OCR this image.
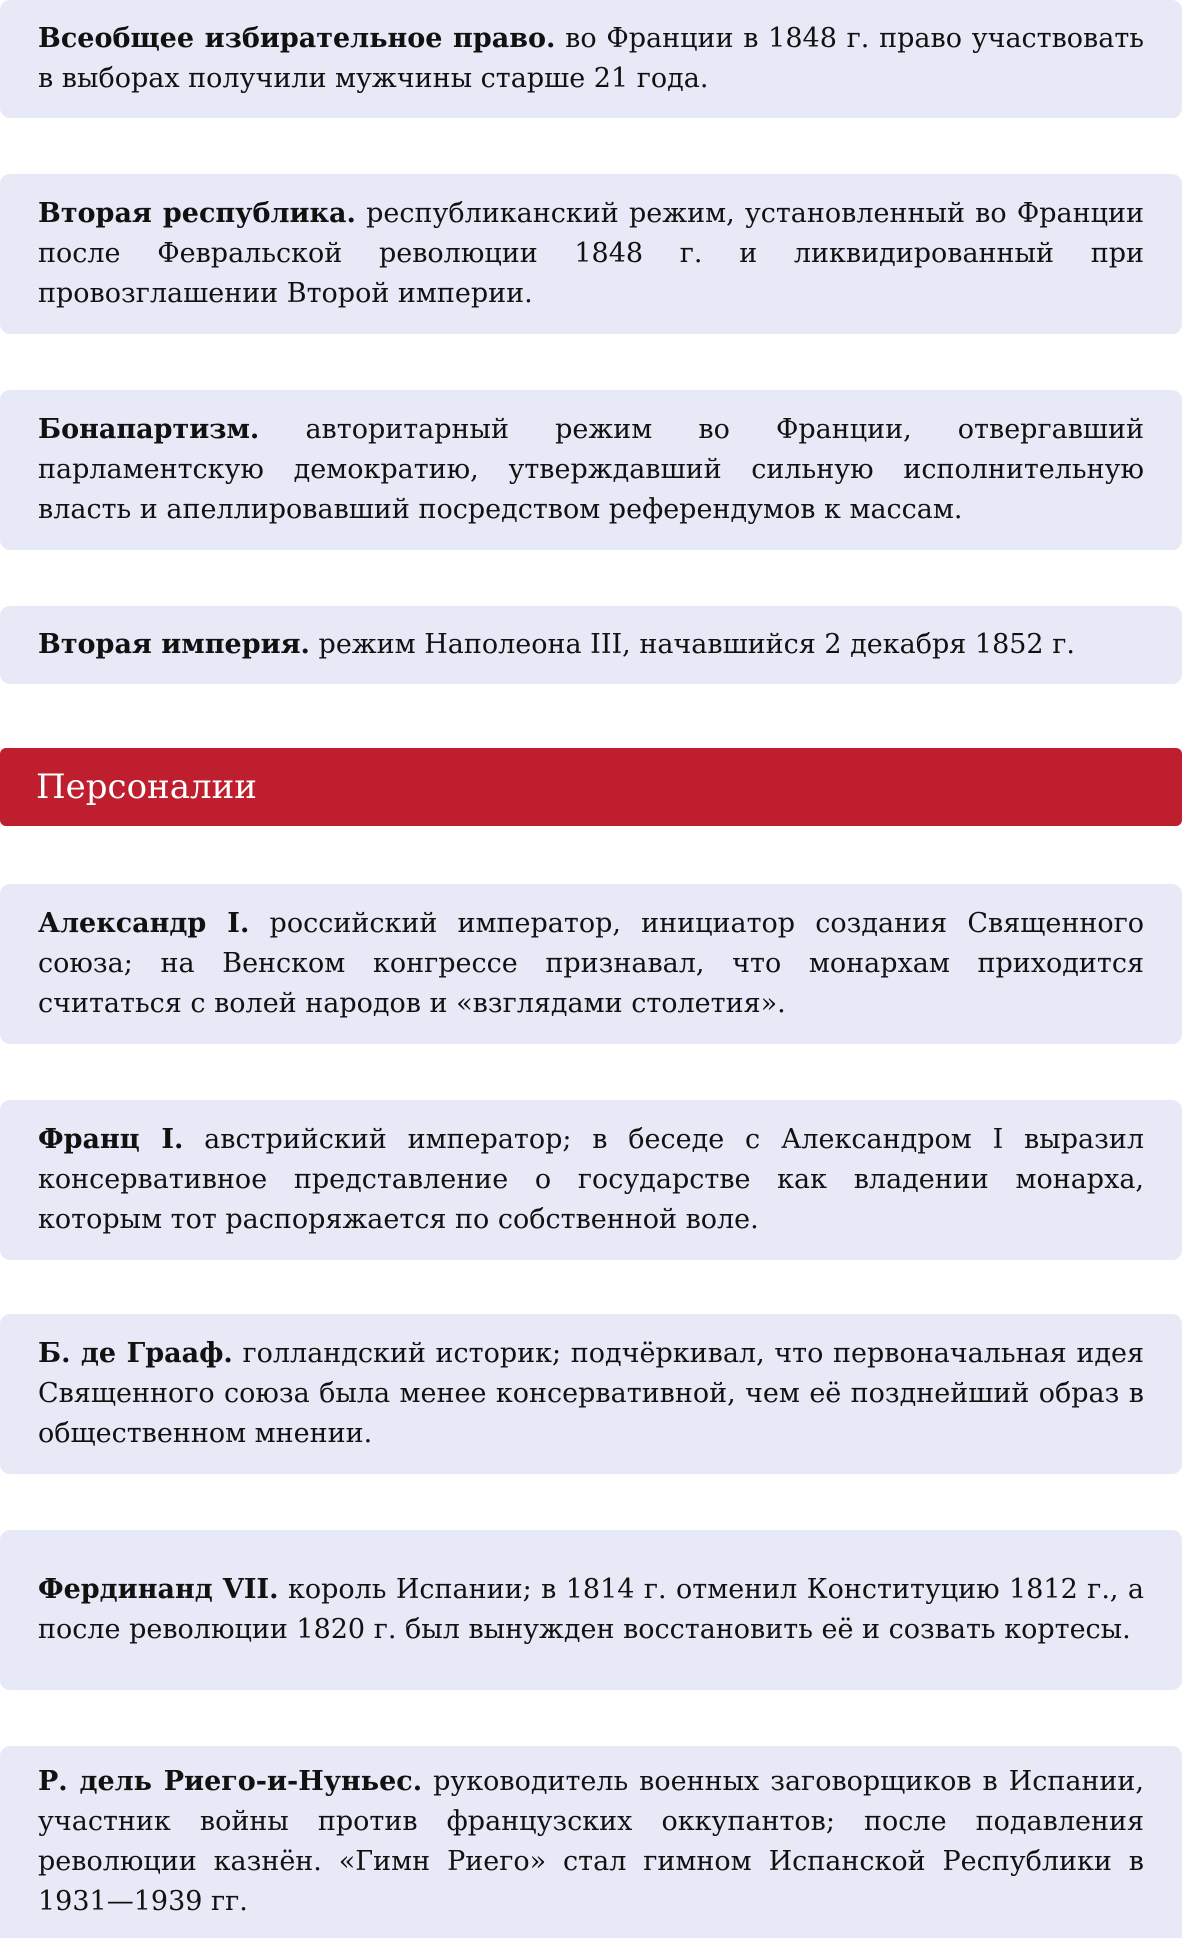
Всеобщее избирательное право. во Франции в 1848 г. право участвовать в выборах получили мужчины старше 21 года.

Вторая республика. республиканский режим, установленный во Франции после Февральской революции 1848 г. и ликвидированный при провозглашении Второй империи.

Бонапартизм. авторитарный режим во Франции, отвергавший парламентскую демократию, утверждавший сильную исполнительную власть и апеллировавший посредством референдумов к массам.

Вторая империя. режим Наполеона III, начавшийся 2 декабря 1852 г.

Персоналии

Александр I. российский император, инициатор создания Священного союза; на Венском конгрессе признавал, что монархам приходится считаться с волей народов и «взглядами столетия».

Франц I. австрийский император; в беседе с Александром I выразил консервативное представление о государстве как владении монарха, которым тот распоряжается по собственной воле.

Б. де Грааф. голландский историк; подчёркивал, что первоначальная идея Священного союза была менее консервативной, чем её позднейший образ в общественном мнении.

Фердинанд VII. король Испании; в 1814 г. отменил Конституцию 1812 г., а после революции 1820 г. был вынужден восстановить её и созвать кортесы.

Р. дель Риего-и-Нуньес. руководитель военных заговорщиков в Испании, участник войны против французских оккупантов; после подавления революции казнён. «Гимн Риего» стал гимном Испанской Республики в 1931—1939 гг.
